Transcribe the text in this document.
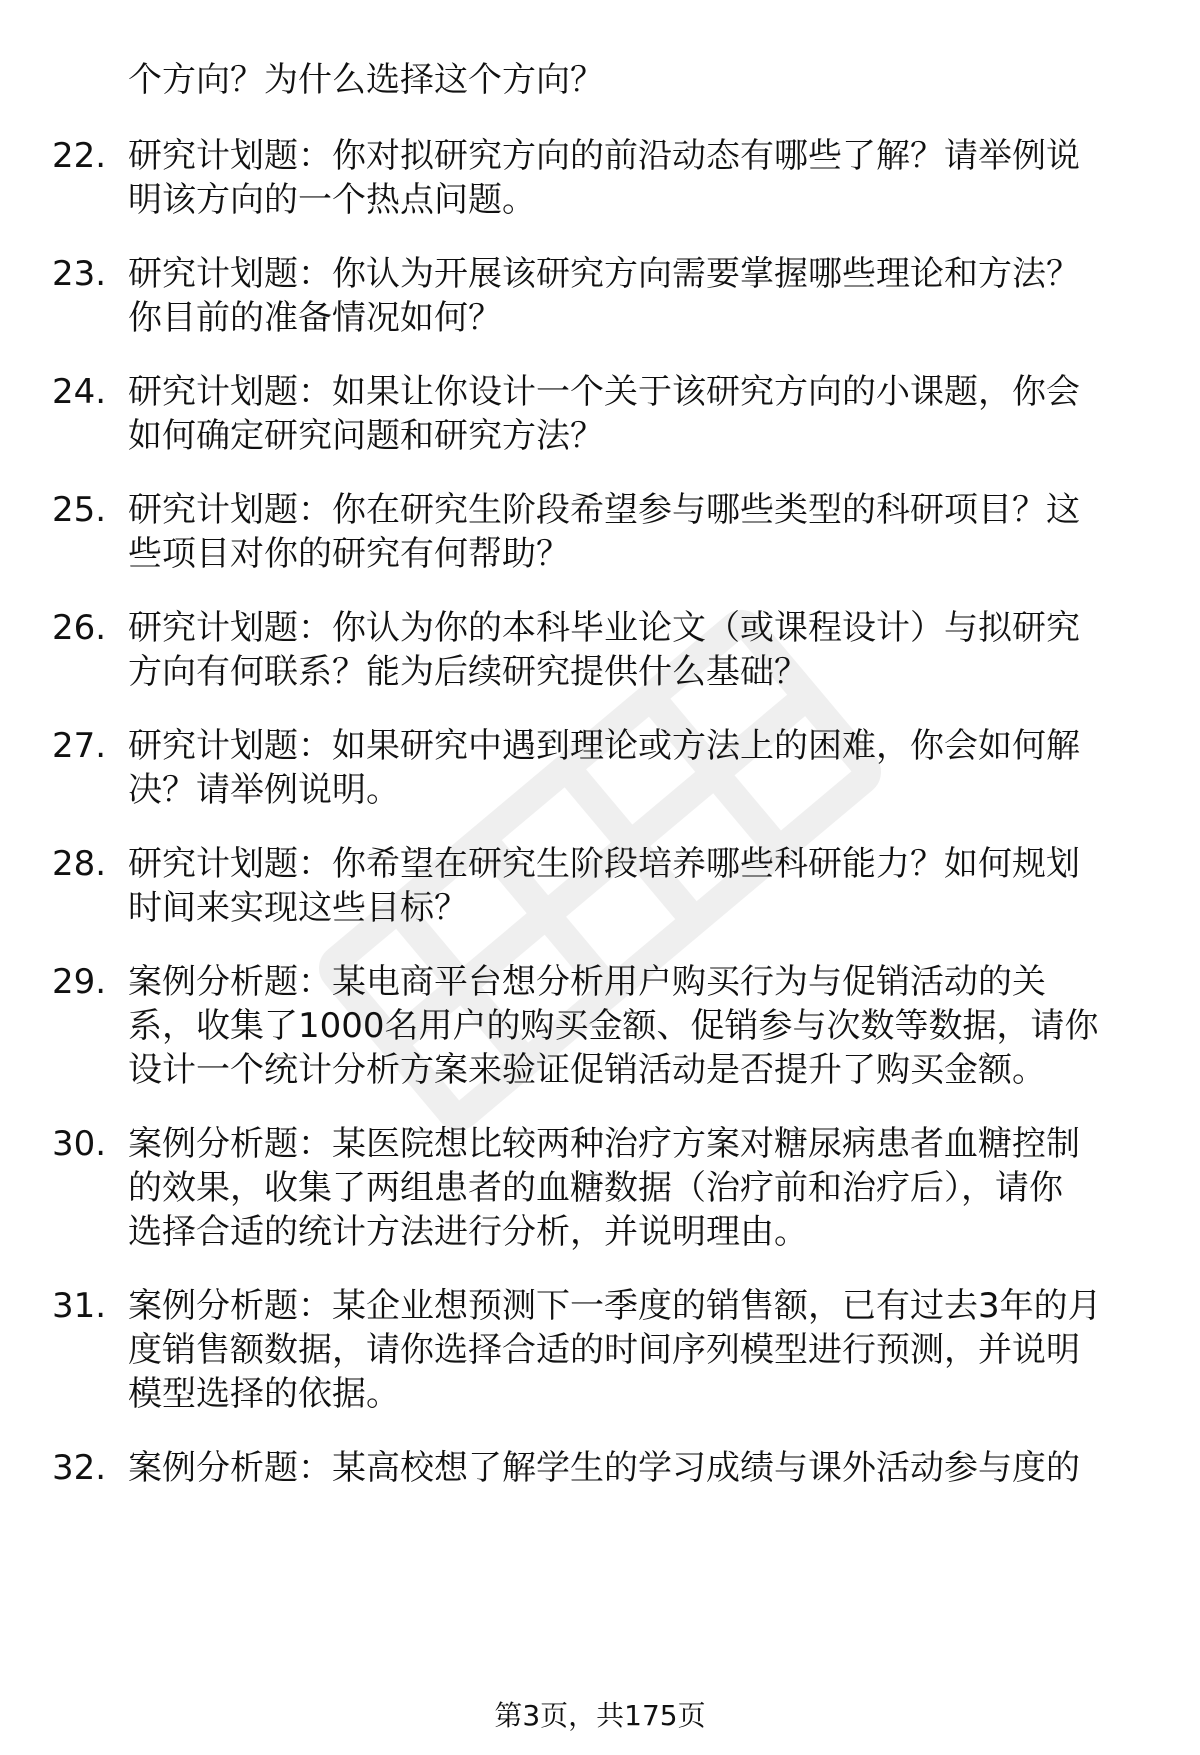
个方向？为什么选择这个方向？
22. 研究计划题：你对拟研究方向的前沿动态有哪些了解？请举例说
明该方向的一个热点问题。
23. 研究计划题：你认为开展该研究方向需要掌握哪些理论和方法？
你目前的准备情况如何？
24. 研究计划题：如果让你设计一个关于该研究方向的小课题，你会
如何确定研究问题和研究方法？
25. 研究计划题：你在研究生阶段希望参与哪些类型的科研项目？这
些项目对你的研究有何帮助？
26. 研究计划题：你认为你的本科毕业论文（或课程设计）与拟研究
方向有何联系？能为后续研究提供什么基础？
27. 研究计划题：如果研究中遇到理论或方法上的困难，你会如何解
决？请举例说明。
28. 研究计划题：你希望在研究生阶段培养哪些科研能力？如何规划
时间来实现这些目标？
29. 案例分析题：某电商平台想分析用户购买行为与促销活动的关
系，收集了1000名用户的购买金额、促销参与次数等数据，请你
设计一个统计分析方案来验证促销活动是否提升了购买金额。
30. 案例分析题：某医院想比较两种治疗方案对糖尿病患者血糖控制
的效果，收集了两组患者的血糖数据（治疗前和治疗后），请你
选择合适的统计方法进行分析，并说明理由。
31. 案例分析题：某企业想预测下一季度的销售额，已有过去3年的月
度销售额数据，请你选择合适的时间序列模型进行预测，并说明
模型选择的依据。
32. 案例分析题：某高校想了解学生的学习成绩与课外活动参与度的
第3页，共175页
